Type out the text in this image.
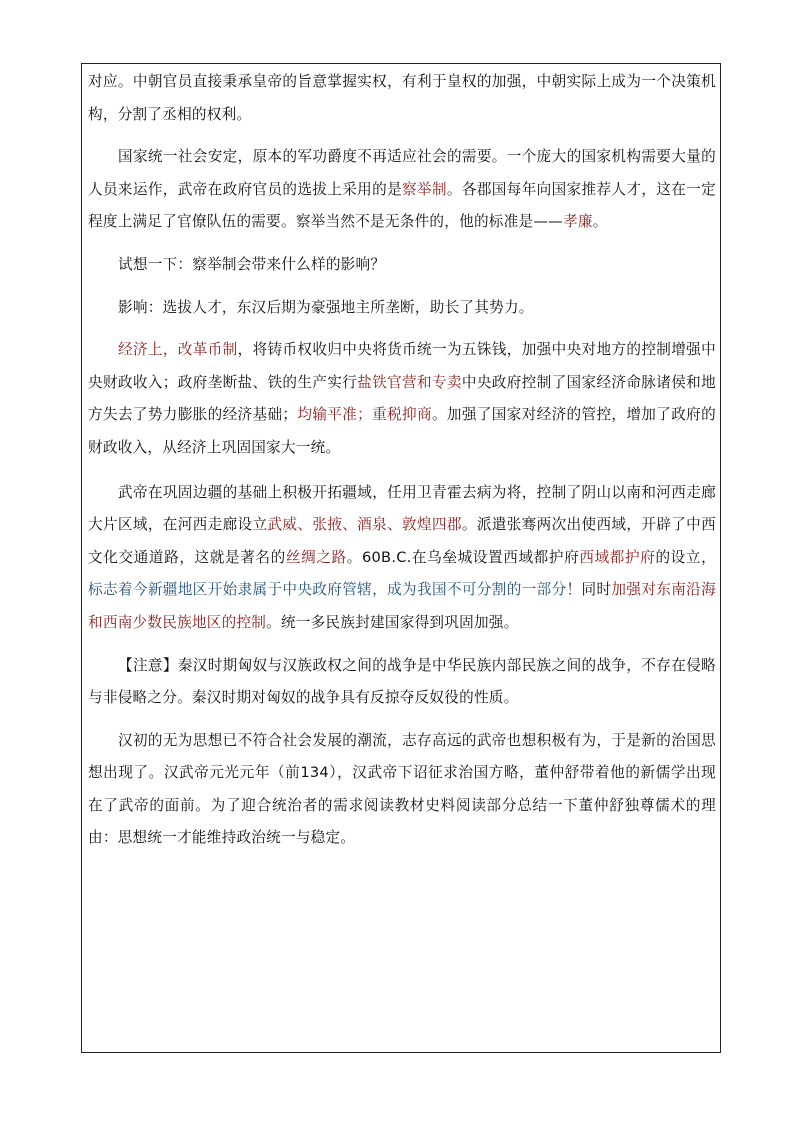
对应。中朝官员直接秉承皇帝的旨意掌握实权，有利于皇权的加强，中朝实际上成为一个决策机构，分割了丞相的权利。

国家统一社会安定，原本的军功爵度不再适应社会的需要。一个庞大的国家机构需要大量的人员来运作，武帝在政府官员的选拔上采用的是察举制。各郡国每年向国家推荐人才，这在一定程度上满足了官僚队伍的需要。察举当然不是无条件的，他的标准是——孝廉。

试想一下：察举制会带来什么样的影响？

影响：选拔人才，东汉后期为豪强地主所垄断，助长了其势力。

经济上，改革币制，将铸币权收归中央将货币统一为五铢钱，加强中央对地方的控制增强中央财政收入；政府垄断盐、铁的生产实行盐铁官营和专卖中央政府控制了国家经济命脉诸侯和地方失去了势力膨胀的经济基础；均输平准；重税抑商。加强了国家对经济的管控，增加了政府的财政收入，从经济上巩固国家大一统。

武帝在巩固边疆的基础上积极开拓疆域，任用卫青霍去病为将，控制了阴山以南和河西走廊大片区域，在河西走廊设立武威、张掖、酒泉、敦煌四郡。派遣张骞两次出使西域，开辟了中西文化交通道路，这就是著名的丝绸之路。60B.C.在乌垒城设置西域都护府西域都护府的设立，标志着今新疆地区开始隶属于中央政府管辖，成为我国不可分割的一部分！同时加强对东南沿海和西南少数民族地区的控制。统一多民族封建国家得到巩固加强。

【注意】秦汉时期匈奴与汉族政权之间的战争是中华民族内部民族之间的战争，不存在侵略与非侵略之分。秦汉时期对匈奴的战争具有反掠夺反奴役的性质。

汉初的无为思想已不符合社会发展的潮流，志存高远的武帝也想积极有为，于是新的治国思想出现了。汉武帝元光元年（前134），汉武帝下诏征求治国方略，董仲舒带着他的新儒学出现在了武帝的面前。为了迎合统治者的需求阅读教材史料阅读部分总结一下董仲舒独尊儒术的理由：思想统一才能维持政治统一与稳定。
